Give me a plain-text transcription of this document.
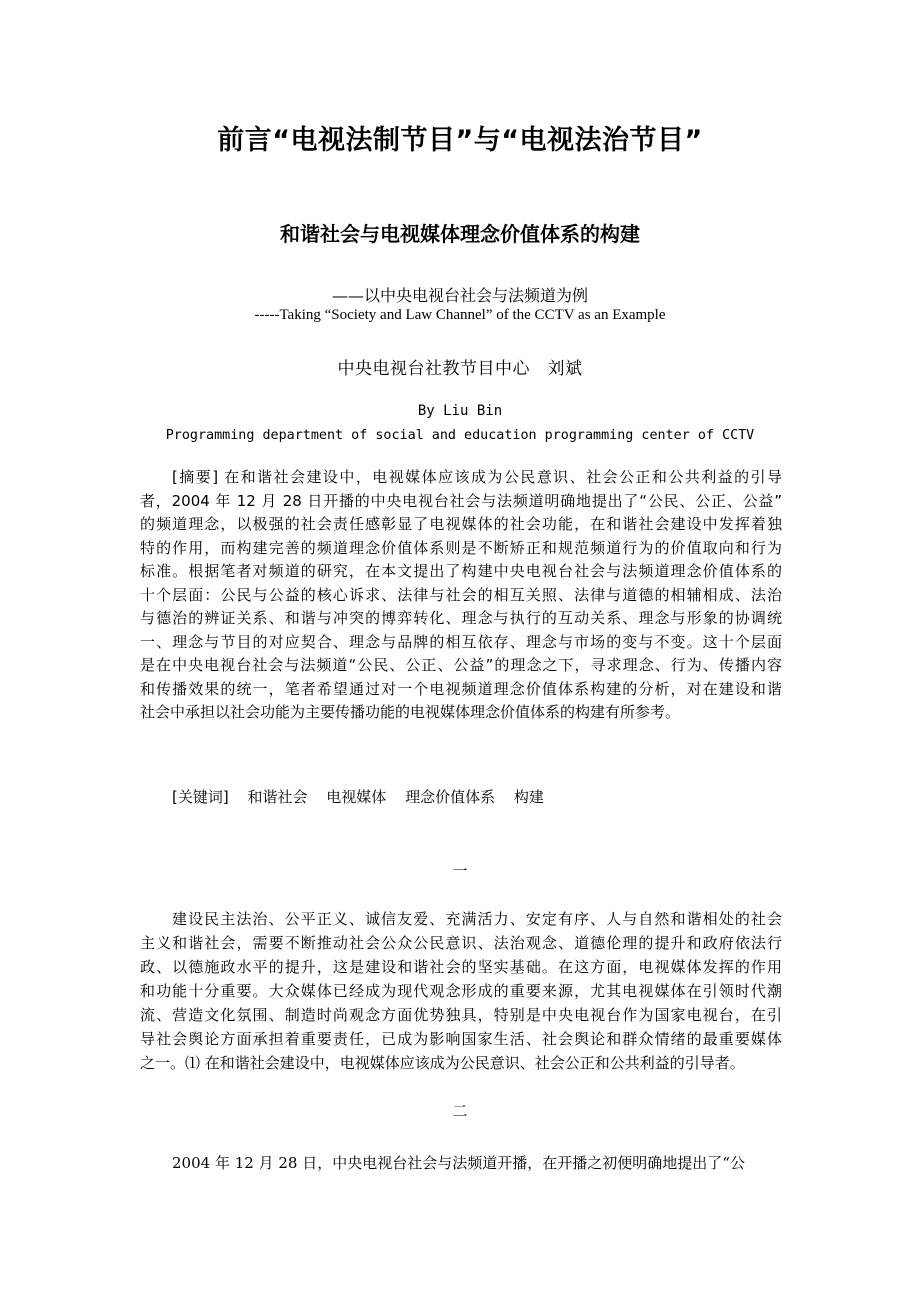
前言“电视法制节目”与“电视法治节目”
和谐社会与电视媒体理念价值体系的构建
——以中央电视台社会与法频道为例
-----Taking “Society and Law Channel” of the CCTV as an Example
中央电视台社教节目中心　刘斌
By Liu Bin
Programming department of social and education programming center of CCTV
[摘要] 在和谐社会建设中，电视媒体应该成为公民意识、社会公正和公共利益的引导
者，2004 年 12 月 28 日开播的中央电视台社会与法频道明确地提出了“公民、公正、公益”
的频道理念，以极强的社会责任感彰显了电视媒体的社会功能，在和谐社会建设中发挥着独
特的作用，而构建完善的频道理念价值体系则是不断矫正和规范频道行为的价值取向和行为
标准。根据笔者对频道的研究，在本文提出了构建中央电视台社会与法频道理念价值体系的
十个层面：公民与公益的核心诉求、法律与社会的相互关照、法律与道德的相辅相成、法治
与德治的辨证关系、和谐与冲突的博弈转化、理念与执行的互动关系、理念与形象的协调统
一、理念与节目的对应契合、理念与品牌的相互依存、理念与市场的变与不变。这十个层面
是在中央电视台社会与法频道“公民、公正、公益”的理念之下，寻求理念、行为、传播内容
和传播效果的统一，笔者希望通过对一个电视频道理念价值体系构建的分析，对在建设和谐
社会中承担以社会功能为主要传播功能的电视媒体理念价值体系的构建有所参考。
[关键词] 和谐社会 电视媒体 理念价值体系 构建
一
建设民主法治、公平正义、诚信友爱、充满活力、安定有序、人与自然和谐相处的社会
主义和谐社会，需要不断推动社会公众公民意识、法治观念、道德伦理的提升和政府依法行
政、以德施政水平的提升，这是建设和谐社会的坚实基础。在这方面，电视媒体发挥的作用
和功能十分重要。大众媒体已经成为现代观念形成的重要来源，尤其电视媒体在引领时代潮
流、营造文化氛围、制造时尚观念方面优势独具，特别是中央电视台作为国家电视台，在引
导社会舆论方面承担着重要责任，已成为影响国家生活、社会舆论和群众情绪的最重要媒体
之一。⑴ 在和谐社会建设中，电视媒体应该成为公民意识、社会公正和公共利益的引导者。
二
2004 年 12 月 28 日，中央电视台社会与法频道开播，在开播之初便明确地提出了“公
